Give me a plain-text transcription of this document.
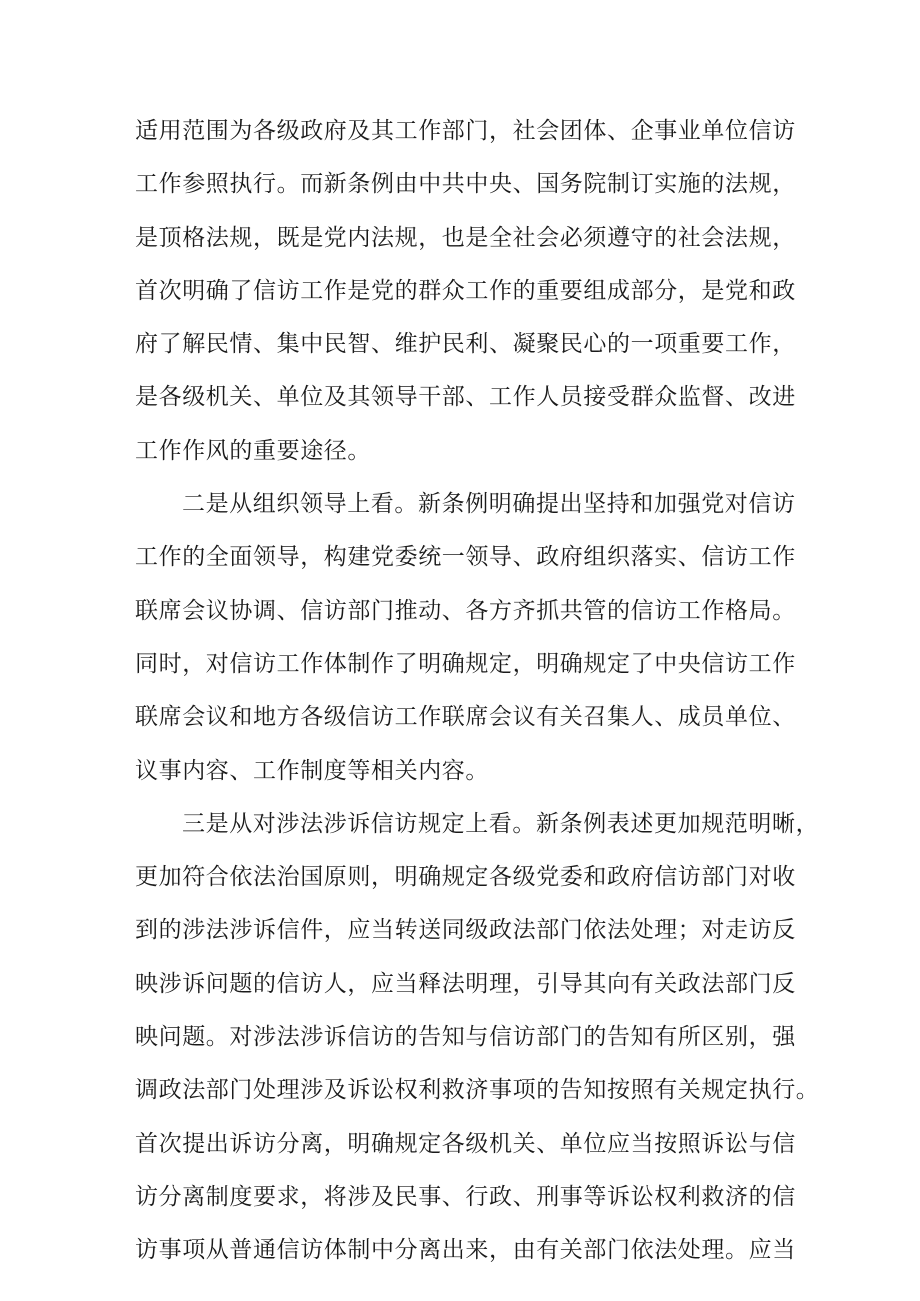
适用范围为各级政府及其工作部门，社会团体、企事业单位信访
工作参照执行。而新条例由中共中央、国务院制订实施的法规，
是顶格法规，既是党内法规，也是全社会必须遵守的社会法规，
首次明确了信访工作是党的群众工作的重要组成部分，是党和政
府了解民情、集中民智、维护民利、凝聚民心的一项重要工作，
是各级机关、单位及其领导干部、工作人员接受群众监督、改进
工作作风的重要途径。
二是从组织领导上看。新条例明确提出坚持和加强党对信访
工作的全面领导，构建党委统一领导、政府组织落实、信访工作
联席会议协调、信访部门推动、各方齐抓共管的信访工作格局。
同时，对信访工作体制作了明确规定，明确规定了中央信访工作
联席会议和地方各级信访工作联席会议有关召集人、成员单位、
议事内容、工作制度等相关内容。
三是从对涉法涉诉信访规定上看。新条例表述更加规范明晰，
更加符合依法治国原则，明确规定各级党委和政府信访部门对收
到的涉法涉诉信件，应当转送同级政法部门依法处理；对走访反
映涉诉问题的信访人，应当释法明理，引导其向有关政法部门反
映问题。对涉法涉诉信访的告知与信访部门的告知有所区别，强
调政法部门处理涉及诉讼权利救济事项的告知按照有关规定执行。
首次提出诉访分离，明确规定各级机关、单位应当按照诉讼与信
访分离制度要求，将涉及民事、行政、刑事等诉讼权利救济的信
访事项从普通信访体制中分离出来，由有关部门依法处理。应当
